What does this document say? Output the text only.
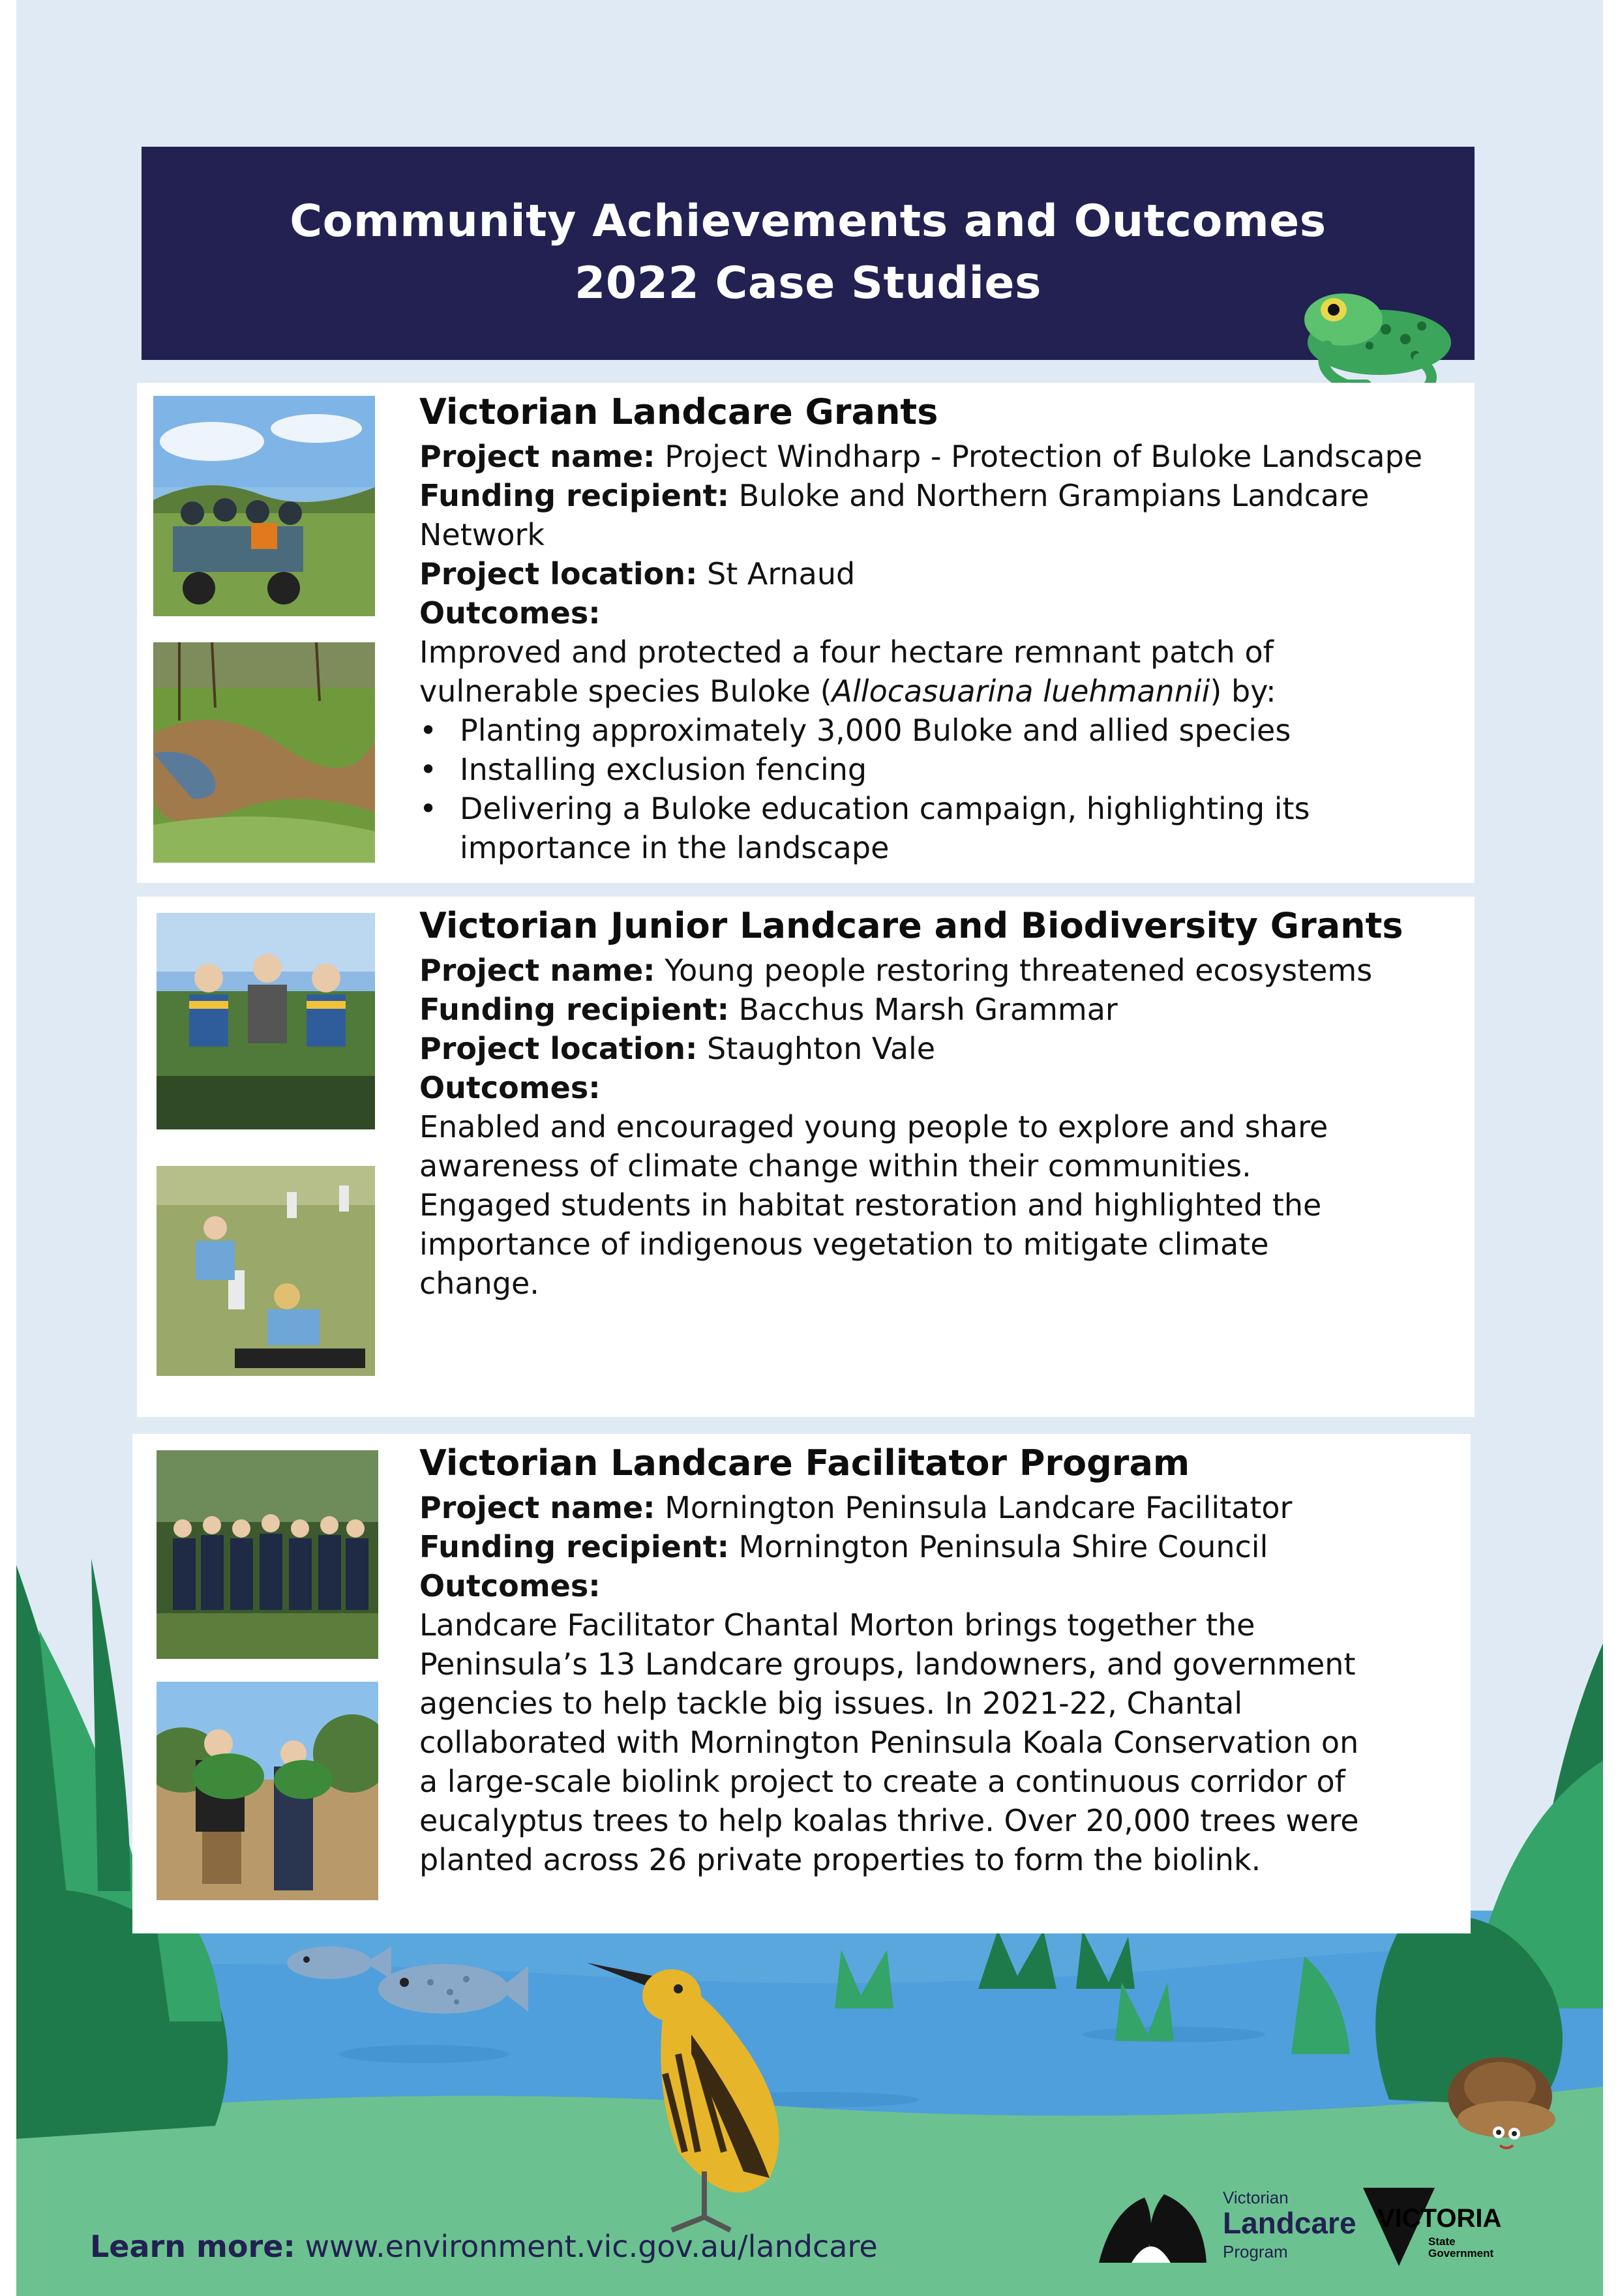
Community Achievements and Outcomes
2022 Case Studies
Victorian Landcare Grants
Project name: Project Windharp - Protection of Buloke Landscape
Funding recipient: Buloke and Northern Grampians Landcare
Network
Project location: St Arnaud
Outcomes:
Improved and protected a four hectare remnant patch of
vulnerable species Buloke (Allocasuarina luehmannii) by:
• Planting approximately 3,000 Buloke and allied species
• Installing exclusion fencing
• Delivering a Buloke education campaign, highlighting its
importance in the landscape
Victorian Junior Landcare and Biodiversity Grants
Project name: Young people restoring threatened ecosystems
Funding recipient: Bacchus Marsh Grammar
Project location: Staughton Vale
Outcomes:
Enabled and encouraged young people to explore and share
awareness of climate change within their communities.
Engaged students in habitat restoration and highlighted the
importance of indigenous vegetation to mitigate climate
change.
Victorian Landcare Facilitator Program
Project name: Mornington Peninsula Landcare Facilitator
Funding recipient: Mornington Peninsula Shire Council
Outcomes:
Landcare Facilitator Chantal Morton brings together the
Peninsula’s 13 Landcare groups, landowners, and government
agencies to help tackle big issues. In 2021-22, Chantal
collaborated with Mornington Peninsula Koala Conservation on
a large-scale biolink project to create a continuous corridor of
eucalyptus trees to help koalas thrive. Over 20,000 trees were
planted across 26 private properties to form the biolink.
Learn more: www.environment.vic.gov.au/landcare
Victorian
Landcare
Program
VICTORIA
State
Government
